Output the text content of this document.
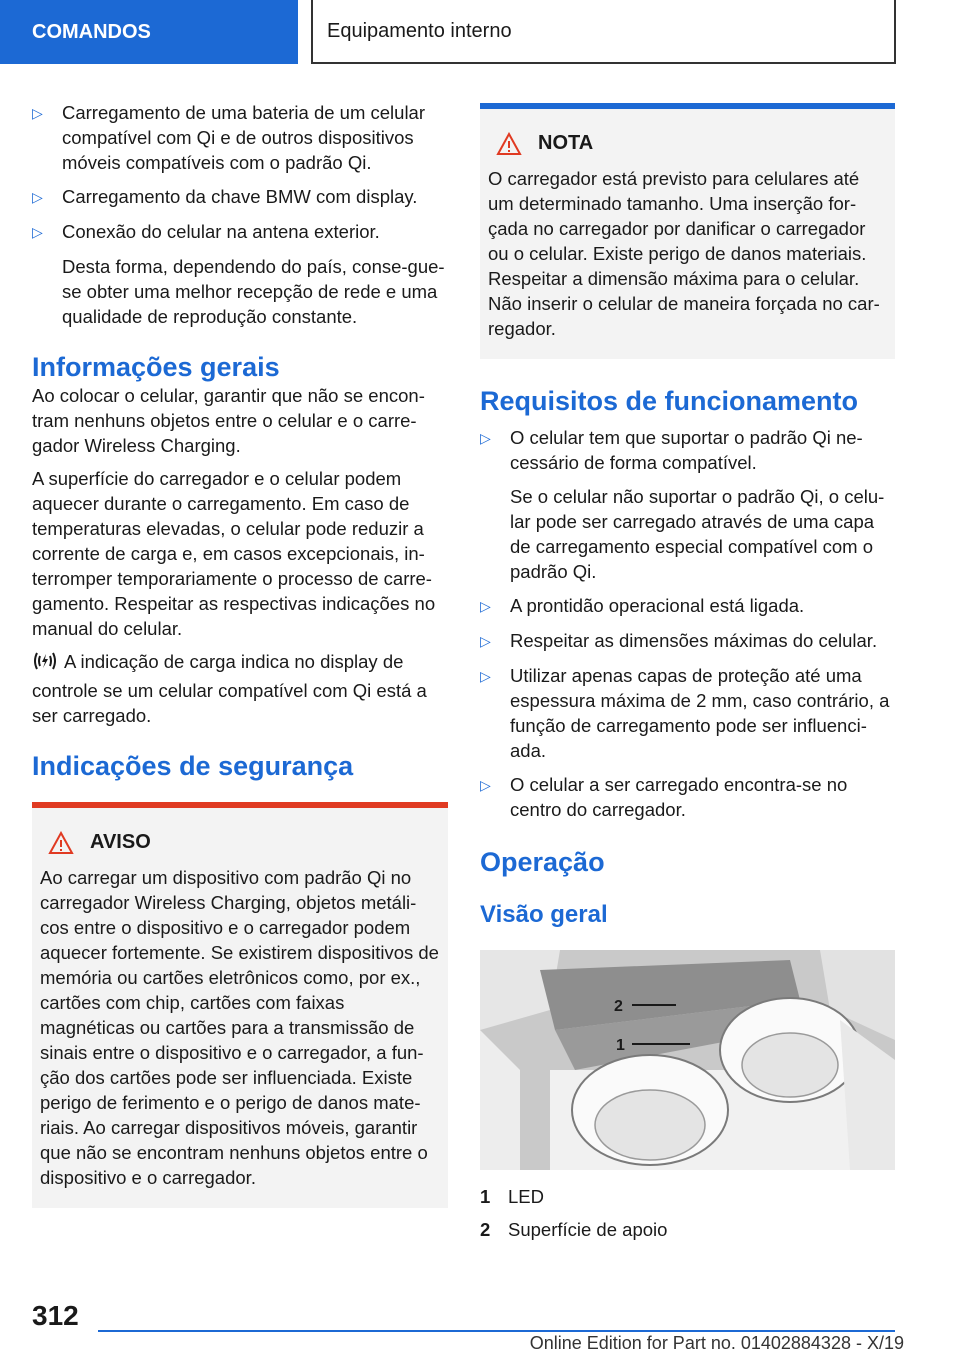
COMANDOS	Equipamento interno
▷	Carregamento de uma bateria de um celular compatível com Qi e de outros dispositivos móveis compatíveis com o padrão Qi.
▷	Carregamento da chave BMW com display.
▷	Conexão do celular na antena exterior.
Desta forma, dependendo do país, conse-gue-se obter uma melhor recepção de rede e uma qualidade de reprodução constante.
Informações gerais

Ao colocar o celular, garantir que não se encon-tram nenhuns objetos entre o celular e o carre-gador Wireless Charging.

A superfície do carregador e o celular podem aquecer durante o carregamento. Em caso de temperaturas elevadas, o celular pode reduzir a corrente de carga e, em casos excepcionais, in-terromper temporariamente o processo de carre-gamento. Respeitar as respectivas indicações no manual do celular.

A indicação de carga indica no display de controle se um celular compatível com Qi está a ser carregado.

Indicações de segurança
AVISO
Ao carregar um dispositivo com padrão Qi no carregador Wireless Charging, objetos metáli-cos entre o dispositivo e o carregador podem aquecer fortemente. Se existirem dispositivos de memória ou cartões eletrônicos como, por ex., cartões com chip, cartões com faixas magnéticas ou cartões para a transmissão de sinais entre o dispositivo e o carregador, a fun-ção dos cartões pode ser influenciada. Existe perigo de ferimento e o perigo de danos mate-riais. Ao carregar dispositivos móveis, garantir que não se encontram nenhuns objetos entre o dispositivo e o carregador.
NOTA
O carregador está previsto para celulares até um determinado tamanho. Uma inserção for-çada no carregador por danificar o carregador ou o celular. Existe perigo de danos materiais. Respeitar a dimensão máxima para o celular. Não inserir o celular de maneira forçada no car-regador.
Requisitos de funcionamento
▷	O celular tem que suportar o padrão Qi ne-cessário de forma compatível.
Se o celular não suportar o padrão Qi, o celu-lar pode ser carregado através de uma capa de carregamento especial compatível com o padrão Qi.
▷	A prontidão operacional está ligada.
▷	Respeitar as dimensões máximas do celular.
▷	Utilizar apenas capas de proteção até uma espessura máxima de 2 mm, caso contrário, a função de carregamento pode ser influenci-ada.
▷	O celular a ser carregado encontra-se no centro do carregador.
Operação
Visão geral
2
1
1 LED
2 Superfície de apoio
312
Online Edition for Part no. 01402884328 - X/19
